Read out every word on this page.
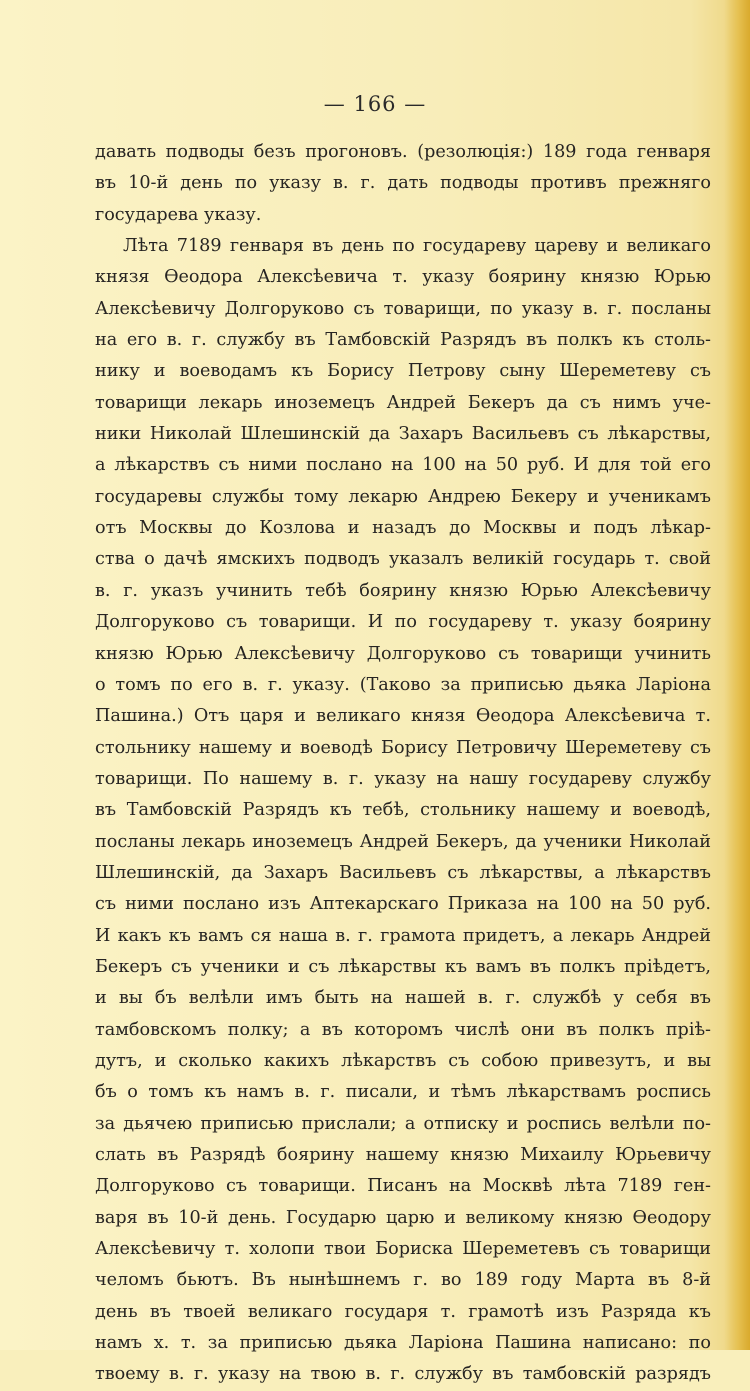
— 166 —
давать подводы безъ прогоновъ. (резолюція:) 189 года генваря
въ 10-й день по указу в. г. дать подводы противъ прежняго
государева указу.
Лѣта 7189 генваря въ день по государеву цареву и великаго
князя Ѳеодора Алексѣевича т. указу боярину князю Юрью
Алексѣевичу Долгоруково съ товарищи, по указу в. г. посланы
на его в. г. службу въ Тамбовскій Разрядъ въ полкъ къ столь-
нику и воеводамъ къ Борису Петрову сыну Шереметеву съ
товарищи лекарь иноземецъ Андрей Бекеръ да съ нимъ уче-
ники Николай Шлешинскій да Захаръ Васильевъ съ лѣкарствы,
а лѣкарствъ съ ними послано на 100 на 50 руб. И для той его
государевы службы тому лекарю Андрею Бекеру и ученикамъ
отъ Москвы до Козлова и назадъ до Москвы и подъ лѣкар-
ства о дачѣ ямскихъ подводъ указалъ великій государь т. свой
в. г. указъ учинить тебѣ боярину князю Юрью Алексѣевичу
Долгоруково съ товарищи. И по государеву т. указу боярину
князю Юрью Алексѣевичу Долгоруково съ товарищи учинить
о томъ по его в. г. указу. (Таково за приписью дьяка Ларіона
Пашина.) Отъ царя и великаго князя Ѳеодора Алексѣевича т.
стольнику нашему и воеводѣ Борису Петровичу Шереметеву съ
товарищи. По нашему в. г. указу на нашу государеву службу
въ Тамбовскій Разрядъ къ тебѣ, стольнику нашему и воеводѣ,
посланы лекарь иноземецъ Андрей Бекеръ, да ученики Николай
Шлешинскій, да Захаръ Васильевъ съ лѣкарствы, а лѣкарствъ
съ ними послано изъ Аптекарскаго Приказа на 100 на 50 руб.
И какъ къ вамъ ся наша в. г. грамота придетъ, а лекарь Андрей
Бекеръ съ ученики и съ лѣкарствы къ вамъ въ полкъ пріѣдетъ,
и вы бъ велѣли имъ быть на нашей в. г. службѣ у себя въ
тамбовскомъ полку; а въ которомъ числѣ они въ полкъ пріѣ-
дутъ, и сколько какихъ лѣкарствъ съ собою привезутъ, и вы
бъ о томъ къ намъ в. г. писали, и тѣмъ лѣкарствамъ роспись
за дьячею приписью прислали; а отписку и роспись велѣли по-
слать въ Разрядѣ боярину нашему князю Михаилу Юрьевичу
Долгоруково съ товарищи. Писанъ на Москвѣ лѣта 7189 ген-
варя въ 10-й день. Государю царю и великому князю Ѳеодору
Алексѣевичу т. холопи твои Бориска Шереметевъ съ товарищи
челомъ бьютъ. Въ нынѣшнемъ г. во 189 году Марта въ 8-й
день въ твоей великаго государя т. грамотѣ изъ Разряда къ
намъ х. т. за приписью дьяка Ларіона Пашина написано: по
твоему в. г. указу на твою в. г. службу въ тамбовскій разрядъ
